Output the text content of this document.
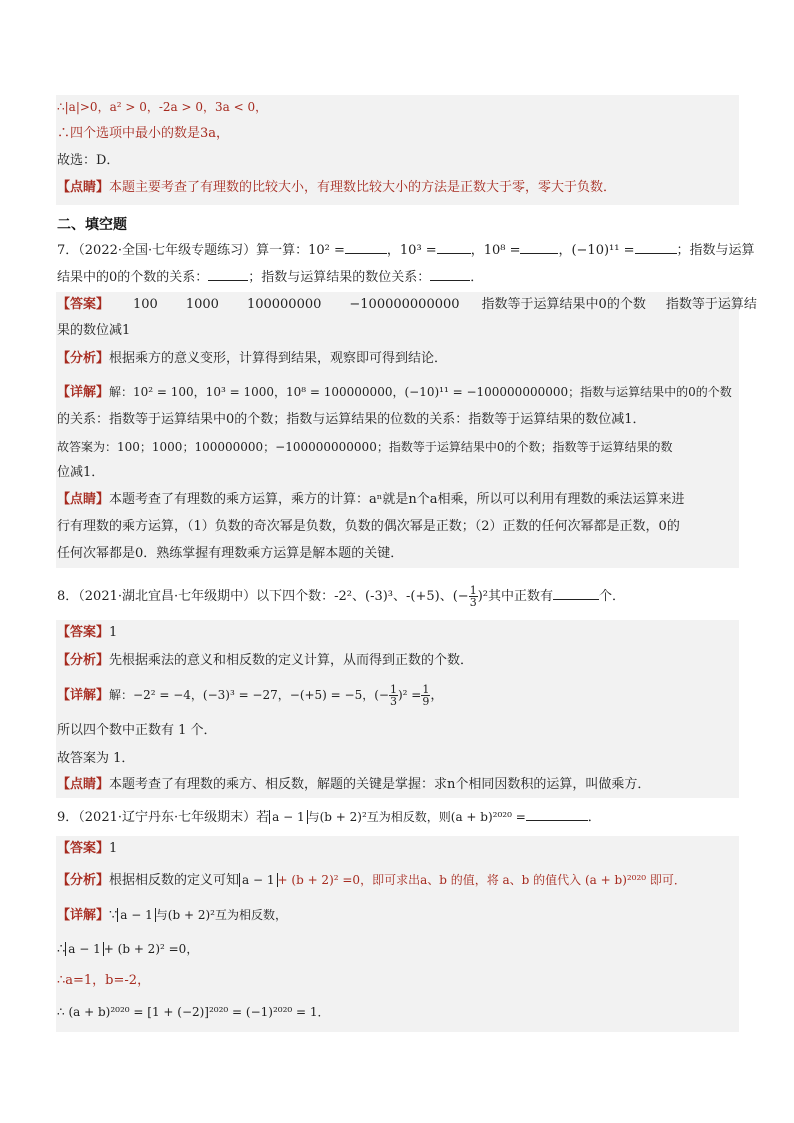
∴|a|>0，a² > 0，-2a > 0，3a < 0，
∴四个选项中最小的数是3a，
故选：D．
【点睛】本题主要考查了有理数的比较大小，有理数比较大小的方法是正数大于零，零大于负数．
二、填空题
7．（2022·全国·七年级专题练习）算一算：10² =	，10³ =	，10⁸ =	，(−10)¹¹ =	；指数与运算
结果中的0的个数的关系：	；指数与运算结果的数位关系：	．
【答案】 100 1000 100000000 −100000000000 指数等于运算结果中0的个数 指数等于运算结
果的数位减1
【分析】根据乘方的意义变形，计算得到结果，观察即可得到结论．
【详解】解：10² = 100，10³ = 1000，10⁸ = 100000000，(−10)¹¹ = −100000000000；指数与运算结果中的0的个数
的关系：指数等于运算结果中0的个数；指数与运算结果的位数的关系：指数等于运算结果的数位减1．
故答案为：100；1000；100000000；−100000000000；指数等于运算结果中0的个数；指数等于运算结果的数
位减1．
【点睛】本题考查了有理数的乘方运算，乘方的计算：aⁿ就是n个a相乘，所以可以利用有理数的乘法运算来进
行有理数的乘方运算，（1）负数的奇次幂是负数，负数的偶次幂是正数；（2）正数的任何次幂都是正数，0的
任何次幂都是0．熟练掌握有理数乘方运算是解本题的关键．
8．（2021·湖北宜昌·七年级期中）以下四个数：-2²、(-3)³、-(+5)、(− $\frac{1}{3} )^2$其中正数有	个．
【答案】1
【分析】先根据乘法的意义和相反数的定义计算，从而得到正数的个数．
【详解】解：−2² = −4，(−3)³ = −27，−(+5) = −5，(− $\frac{1}{3} )^2 = \frac{1}{9}$ ，
所以四个数中正数有 1 个．
故答案为 1．
【点睛】本题考查了有理数的乘方、相反数，解题的关键是掌握：求n个相同因数积的运算，叫做乘方．
9．（2021·辽宁丹东·七年级期末）若 a − 1 与(b + 2)²互为相反数，则(a + b)²⁰²⁰ =	．
【答案】1
【分析】根据相反数的定义可知 a − 1 + (b + 2)² =0，即可求出a、b 的值，将 a、b 的值代入 (a + b)²⁰²⁰ 即可．
【详解】∵ a − 1 与(b + 2)²互为相反数，
∴ a − 1 + (b + 2)² =0，
∴a=1，b=-2，
∴ (a + b)²⁰²⁰ = [1 + (−2)]²⁰²⁰ = (−1)²⁰²⁰ = 1．
